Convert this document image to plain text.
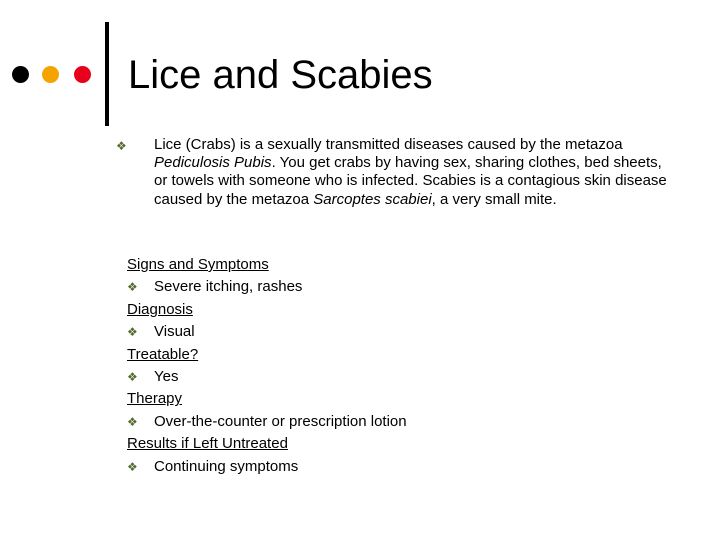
Lice and Scabies
❖ Lice (Crabs) is a sexually transmitted diseases caused by the metazoa Pediculosis Pubis. You get crabs by having sex, sharing clothes, bed sheets, or towels with someone who is infected. Scabies is a contagious skin disease caused by the metazoa Sarcoptes scabiei, a very small mite.
Signs and Symptoms
❖ Severe itching, rashes
Diagnosis
❖ Visual
Treatable?
❖ Yes
Therapy
❖ Over-the-counter or prescription lotion
Results if Left Untreated
❖ Continuing symptoms
